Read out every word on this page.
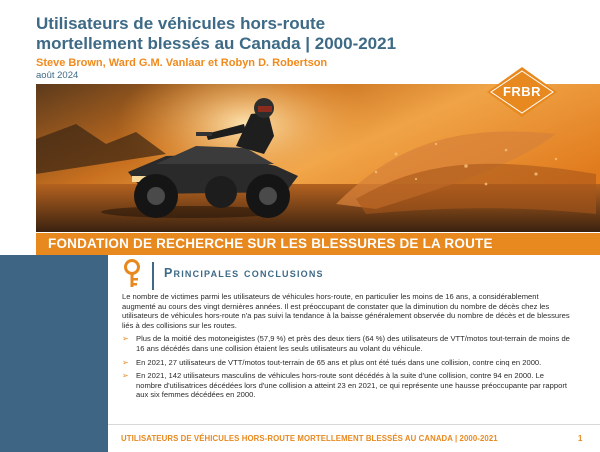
Utilisateurs de véhicules hors-route
mortellement blessés au Canada | 2000-2021
Steve Brown, Ward G.M. Vanlaar et Robyn D. Robertson
août 2024
FRBR
FONDATION DE RECHERCHE SUR LES BLESSURES DE LA ROUTE
Principales conclusions

Le nombre de victimes parmi les utilisateurs de véhicules hors-route, en particulier les moins de 16 ans, a considérablement augmenté au cours des vingt dernières années. Il est préoccupant de constater que la diminution du nombre de décès chez les utilisateurs de véhicules hors-route n'a pas suivi la tendance à la baisse généralement observée du nombre de décès et de blessures liés à des collisions sur les routes.

➢ Plus de la moitié des motoneigistes (57,9 %) et près des deux tiers (64 %) des utilisateurs de VTT/motos tout-terrain de moins de 16 ans décédés dans une collision étaient les seuls utilisateurs au volant du véhicule.
➢ En 2021, 27 utilisateurs de VTT/motos tout-terrain de 65 ans et plus ont été tués dans une collision, contre cinq en 2000.
➢ En 2021, 142 utilisateurs masculins de véhicules hors-route sont décédés à la suite d'une collision, contre 94 en 2000. Le nombre d'utilisatrices décédées lors d'une collision a atteint 23 en 2021, ce qui représente une hausse préoccupante par rapport aux six femmes décédées en 2000.
UTILISATEURS DE VÉHICULES HORS-ROUTE MORTELLEMENT BLESSÉS AU CANADA | 2000-2021	1
